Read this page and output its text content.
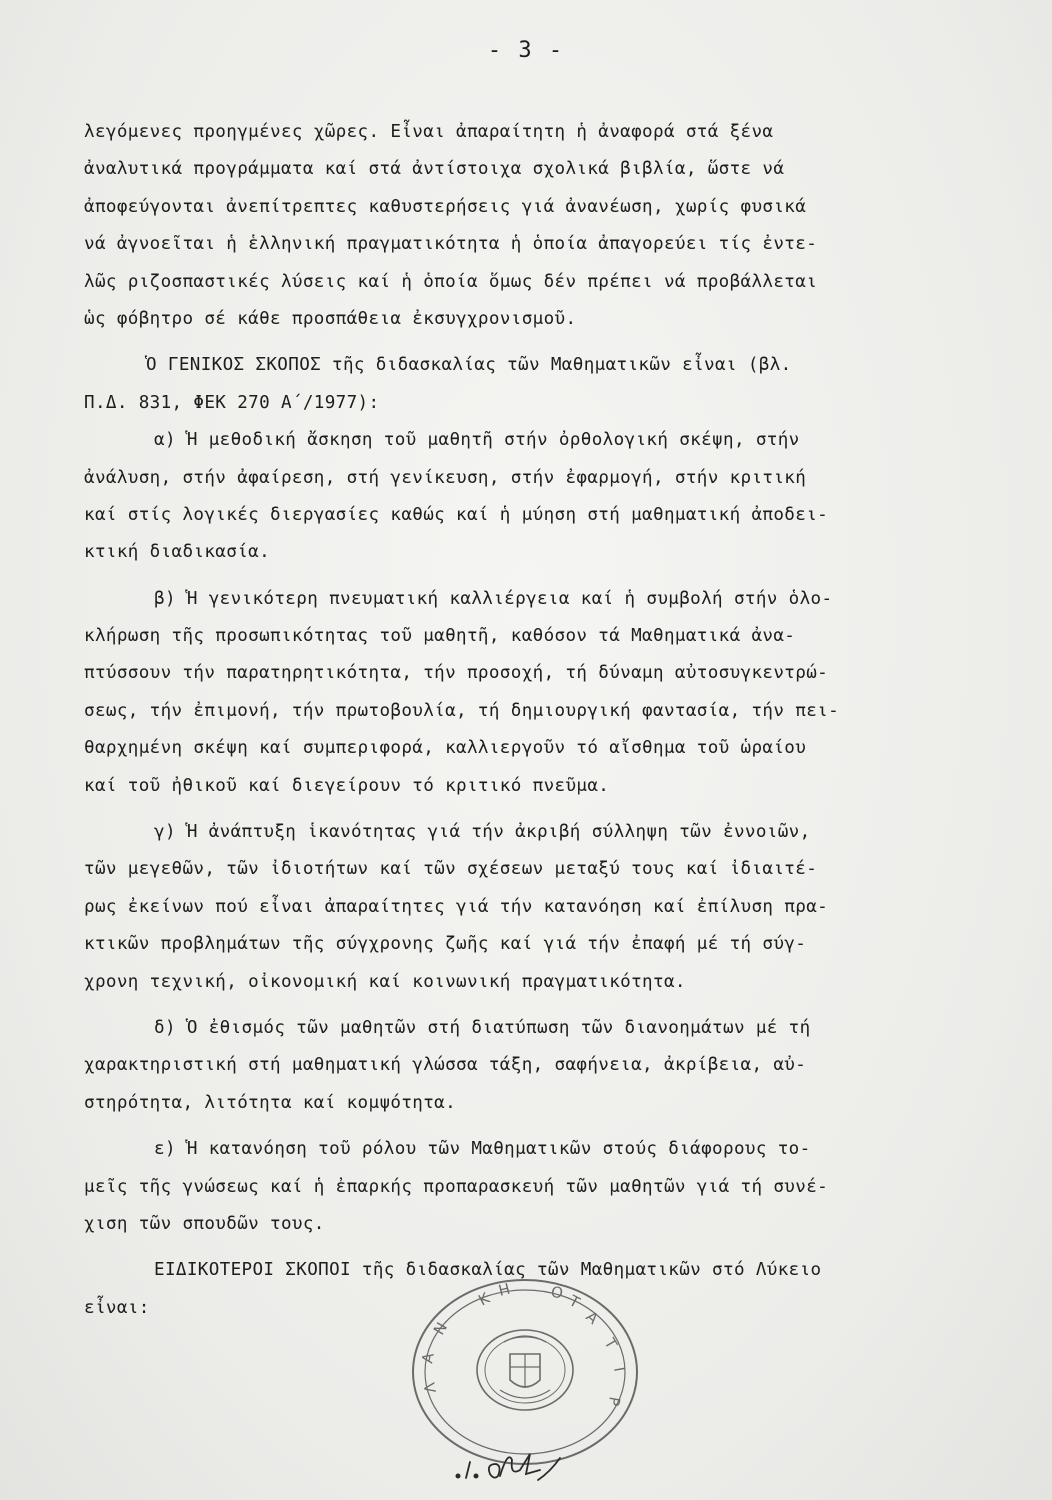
- 3 -
λεγόμενες προηγμένες χῶρες. Εἶναι ἀπαραίτητη ἡ ἀναφορά στά ξένα
ἀναλυτικά προγράμματα καί στά ἀντίστοιχα σχολικά βιβλία, ὥστε νά
ἀποφεύγονται ἀνεπίτρεπτες καθυστερήσεις γιά ἀνανέωση, χωρίς φυσικά
νά ἀγνοεῖται ἡ ἑλληνική πραγματικότητα ἡ ὁποία ἀπαγορεύει τίς ἐντε-
λῶς ριζοσπαστικές λύσεις καί ἡ ὁποία ὅμως δέν πρέπει νά προβάλλεται
ὡς φόβητρο σέ κάθε προσπάθεια ἐκσυγχρονισμοῦ.
Ὁ ΓΕΝΙΚΟΣ ΣΚΟΠΟΣ τῆς διδασκαλίας τῶν Μαθηματικῶν εἶναι (βλ.
Π.Δ. 831, ΦΕΚ 270 Α΄/1977):
α) Ἡ μεθοδική ἄσκηση τοῦ μαθητῆ στήν ὀρθολογική σκέψη, στήν
ἀνάλυση, στήν ἀφαίρεση, στή γενίκευση, στήν ἐφαρμογή, στήν κριτική
καί στίς λογικές διεργασίες καθώς καί ἡ μύηση στή μαθηματική ἀποδει-
κτική διαδικασία.
β) Ἡ γενικότερη πνευματική καλλιέργεια καί ἡ συμβολή στήν ὁλο-
κλήρωση τῆς προσωπικότητας τοῦ μαθητῆ, καθόσον τά Μαθηματικά ἀνα-
πτύσσουν τήν παρατηρητικότητα, τήν προσοχή, τή δύναμη αὐτοσυγκεντρώ-
σεως, τήν ἐπιμονή, τήν πρωτοβουλία, τή δημιουργική φαντασία, τήν πει-
θαρχημένη σκέψη καί συμπεριφορά, καλλιεργοῦν τό αἴσθημα τοῦ ὡραίου
καί τοῦ ἠθικοῦ καί διεγείρουν τό κριτικό πνεῦμα.
γ) Ἡ ἀνάπτυξη ἱκανότητας γιά τήν ἀκριβή σύλληψη τῶν ἐννοιῶν,
τῶν μεγεθῶν, τῶν ἰδιοτήτων καί τῶν σχέσεων μεταξύ τους καί ἰδιαιτέ-
ρως ἐκείνων πού εἶναι ἀπαραίτητες γιά τήν κατανόηση καί ἐπίλυση πρα-
κτικῶν προβλημάτων τῆς σύγχρονης ζωῆς καί γιά τήν ἐπαφή μέ τή σύγ-
χρονη τεχνική, οἰκονομική καί κοινωνική πραγματικότητα.
δ) Ὁ ἐθισμός τῶν μαθητῶν στή διατύπωση τῶν διανοημάτων μέ τή
χαρακτηριστική στή μαθηματική γλώσσα τάξη, σαφήνεια, ἀκρίβεια, αὐ-
στηρότητα, λιτότητα καί κομψότητα.
ε) Ἡ κατανόηση τοῦ ρόλου τῶν Μαθηματικῶν στούς διάφορους το-
μεῖς τῆς γνώσεως καί ἡ ἐπαρκής προπαρασκευή τῶν μαθητῶν γιά τή συνέ-
χιση τῶν σπουδῶν τους.
ΕΙΔΙΚΟΤΕΡΟΙ ΣΚΟΠΟΙ τῆς διδασκαλίας τῶν Μαθηματικῶν στό Λύκειο
εἶναι:	Κ Η Ο Τ
Α
Τ
Ι
Ρ
Λ
Α
Ν
